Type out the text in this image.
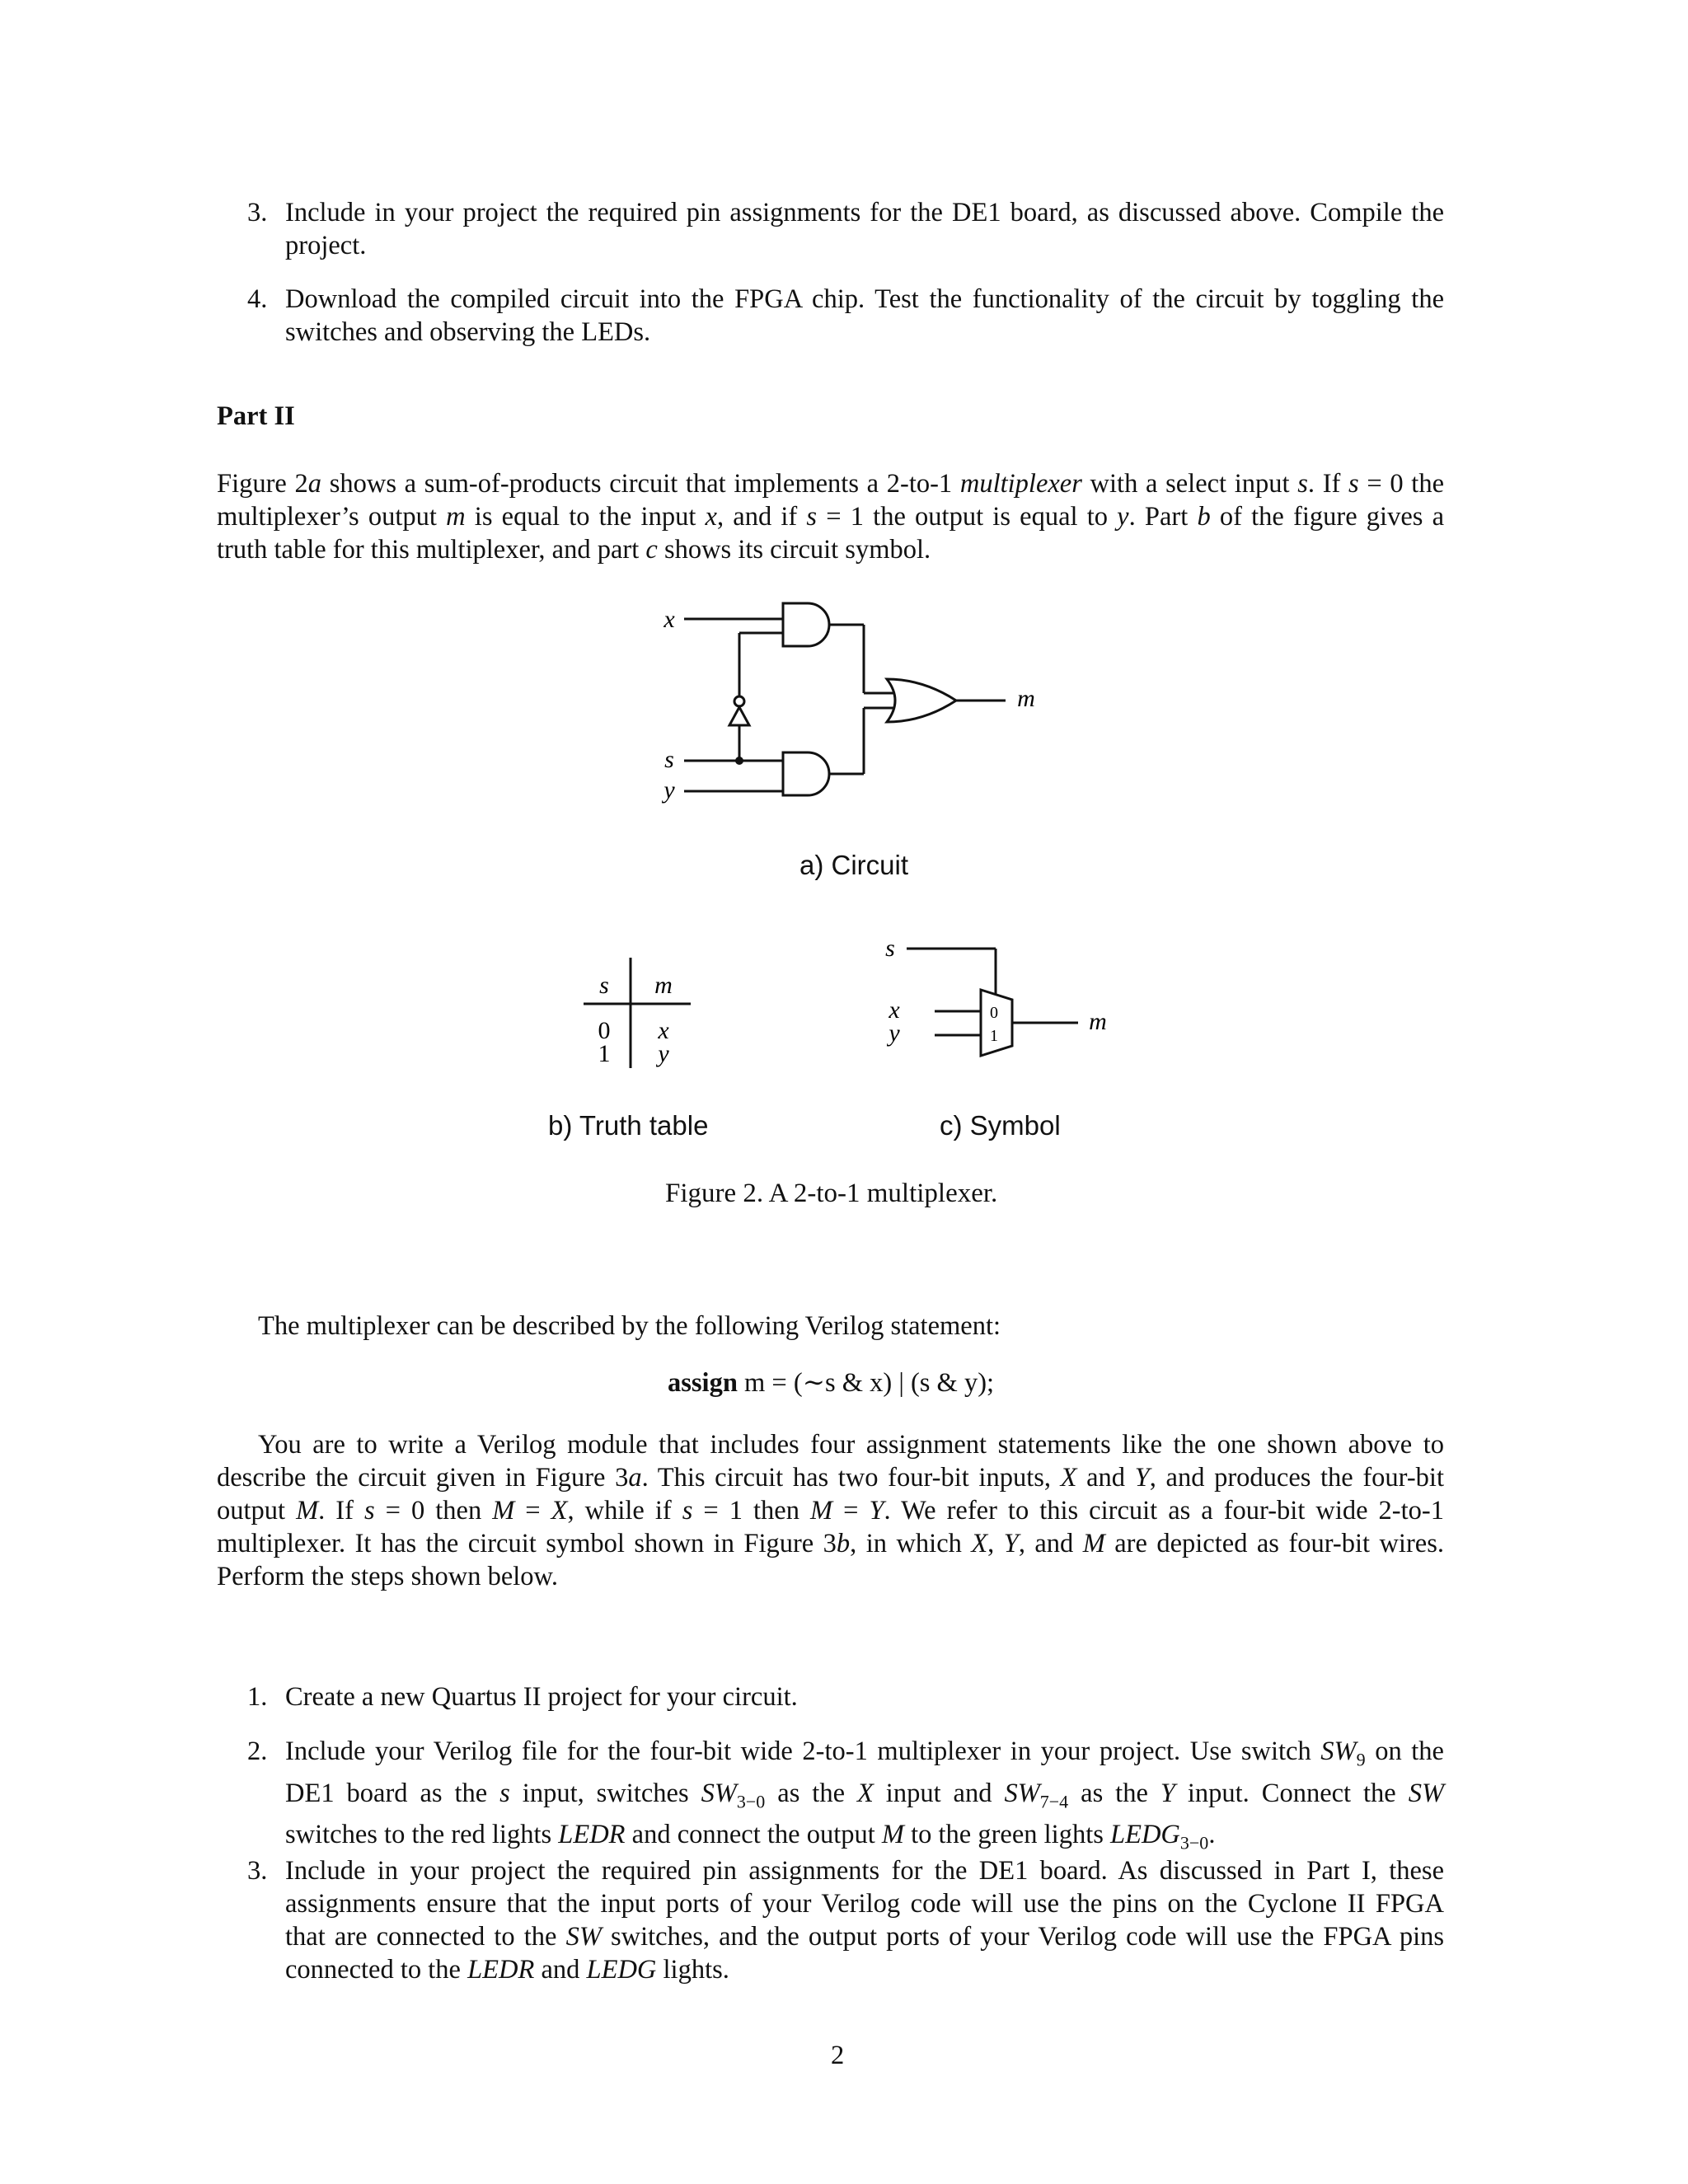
3. Include in your project the required pin assignments for the DE1 board, as discussed above. Compile the project.
4. Download the compiled circuit into the FPGA chip. Test the functionality of the circuit by toggling the switches and observing the LEDs.
Part II
Figure 2a shows a sum-of-products circuit that implements a 2-to-1 multiplexer with a select input s. If s = 0 the
multiplexer’s output m is equal to the input x, and if s = 1 the output is equal to y. Part b of the figure gives a
truth table for this multiplexer, and part c shows its circuit symbol.
x
s
y
m
a) Circuit
s m
0 x
1 y
b) Truth table
s
x
y
0
1
m
c) Symbol
Figure 2. A 2-to-1 multiplexer.
The multiplexer can be described by the following Verilog statement:
assign m = (∼s & x) | (s & y);
You are to write a Verilog module that includes four assignment statements like the one shown above to
describe the circuit given in Figure 3a. This circuit has two four-bit inputs, X and Y, and produces the four-bit
output M. If s = 0 then M = X, while if s = 1 then M = Y. We refer to this circuit as a four-bit wide 2-to-1
multiplexer. It has the circuit symbol shown in Figure 3b, in which X, Y, and M are depicted as four-bit wires.
Perform the steps shown below.
1. Create a new Quartus II project for your circuit.
2. Include your Verilog file for the four-bit wide 2-to-1 multiplexer in your project. Use switch $SW_9$ on the
DE1 board as the s input, switches $SW_{3-0}$ as the X input and $SW_{7-4}$ as the Y input. Connect the SW
switches to the red lights LEDR and connect the output M to the green lights $LEDG_{3-0}$.
3. Include in your project the required pin assignments for the DE1 board. As discussed in Part I, these
assignments ensure that the input ports of your Verilog code will use the pins on the Cyclone II FPGA
that are connected to the SW switches, and the output ports of your Verilog code will use the FPGA pins
connected to the LEDR and LEDG lights.
2
